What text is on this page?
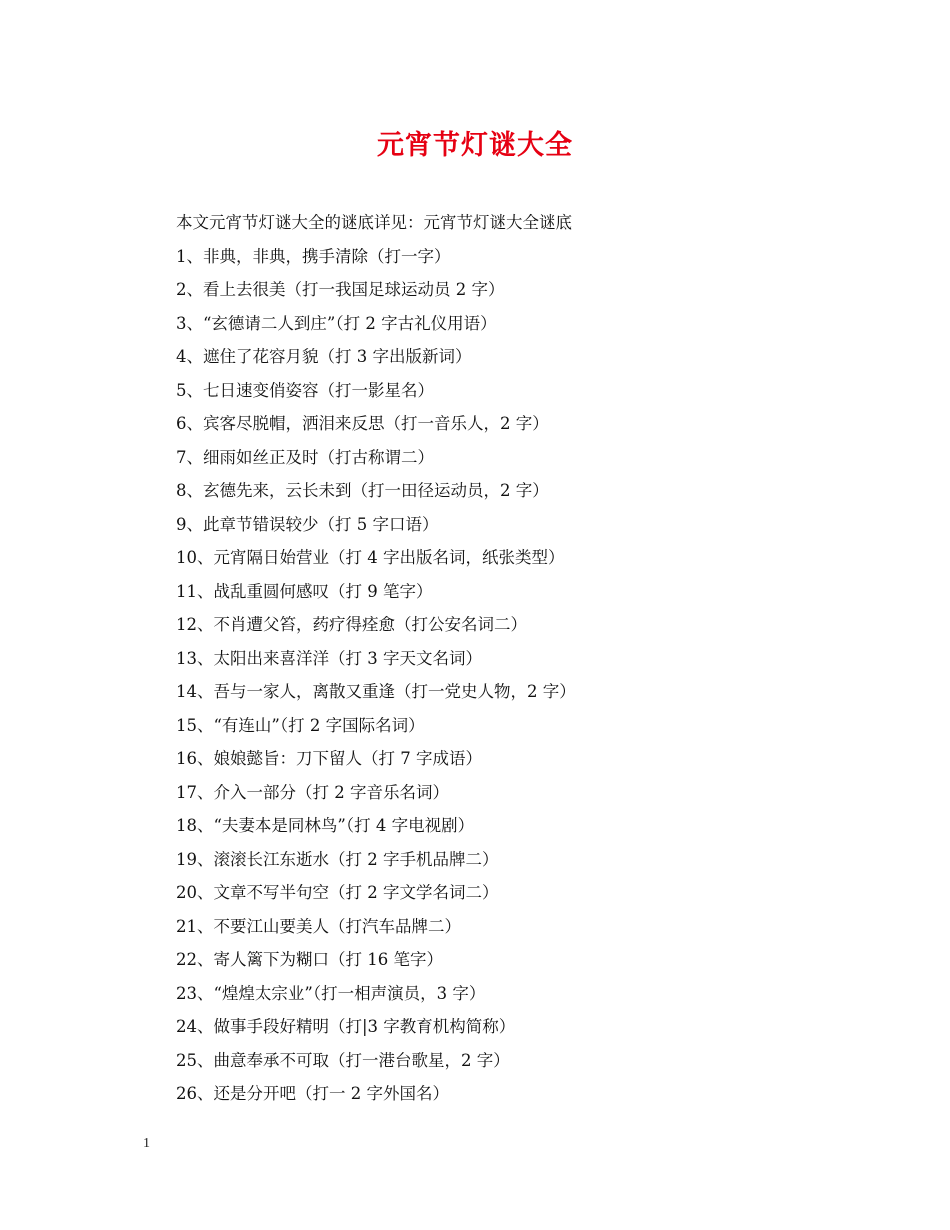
元宵节灯谜大全
本文元宵节灯谜大全的谜底详见：元宵节灯谜大全谜底
1、非典，非典，携手清除（打一字）
2、看上去很美（打一我国足球运动员 2 字）
3、“玄德请二人到庄”（打 2 字古礼仪用语）
4、遮住了花容月貌（打 3 字出版新词）
5、七日速变俏姿容（打一影星名）
6、宾客尽脱帽，洒泪来反思（打一音乐人，2 字）
7、细雨如丝正及时（打古称谓二）
8、玄德先来，云长未到（打一田径运动员，2 字）
9、此章节错误较少（打 5 字口语）
10、元宵隔日始营业（打 4 字出版名词，纸张类型）
11、战乱重圆何感叹（打 9 笔字）
12、不肖遭父笞，药疗得痊愈（打公安名词二）
13、太阳出来喜洋洋（打 3 字天文名词）
14、吾与一家人，离散又重逢（打一党史人物，2 字）
15、“有连山”（打 2 字国际名词）
16、娘娘懿旨：刀下留人（打 7 字成语）
17、介入一部分（打 2 字音乐名词）
18、“夫妻本是同林鸟”（打 4 字电视剧）
19、滚滚长江东逝水（打 2 字手机品牌二）
20、文章不写半句空（打 2 字文学名词二）
21、不要江山要美人（打汽车品牌二）
22、寄人篱下为糊口（打 16 笔字）
23、“煌煌太宗业”（打一相声演员，3 字）
24、做事手段好精明（打|3 字教育机构简称）
25、曲意奉承不可取（打一港台歌星，2 字）
26、还是分开吧（打一 2 字外国名）
1
